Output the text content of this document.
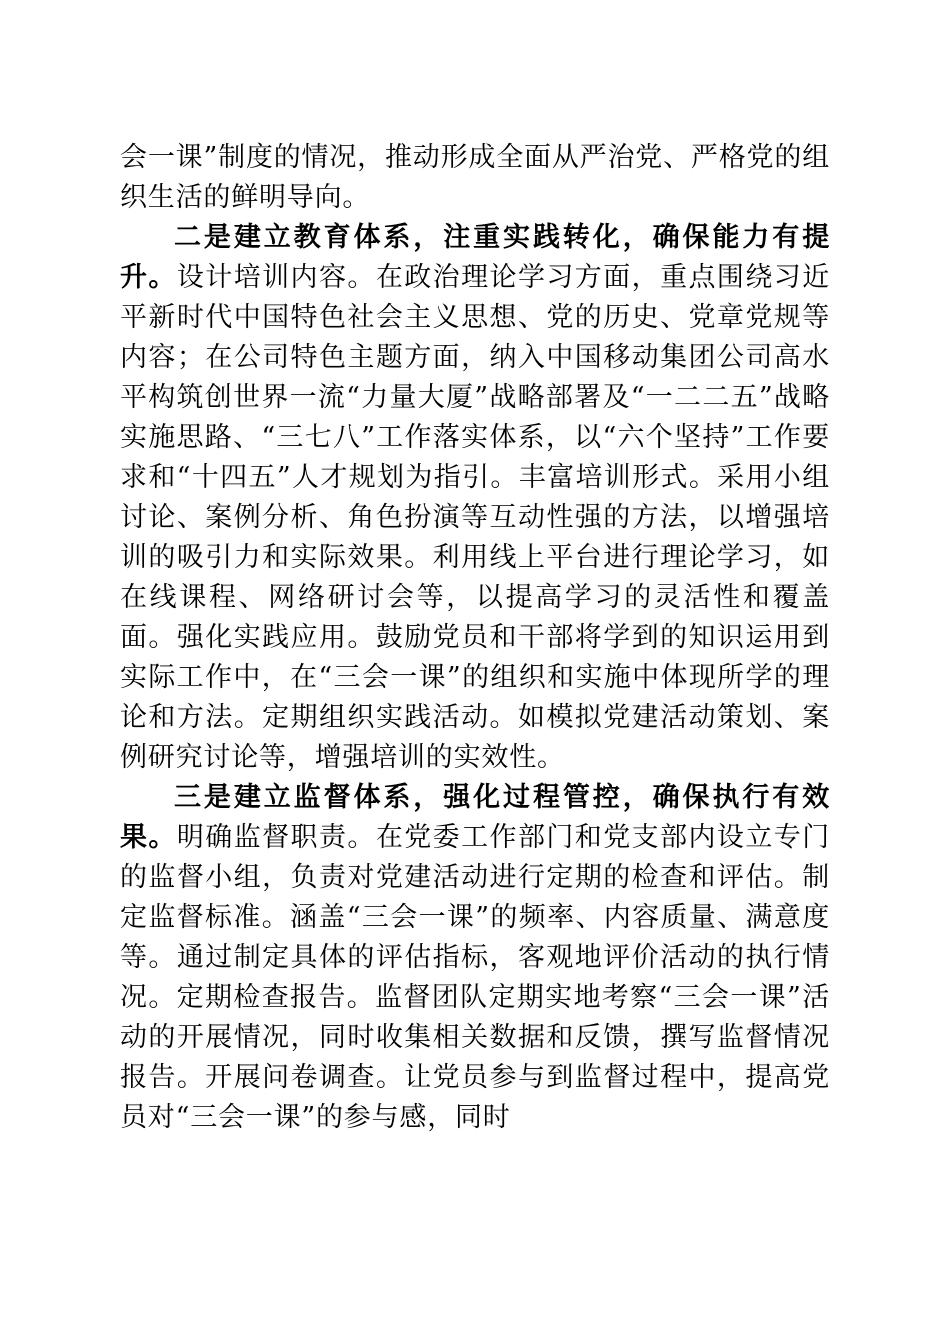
会一课”制度的情况，推动形成全面从严治党、严格党的组织生活的鲜明导向。

二是建立教育体系，注重实践转化，确保能力有提升。设计培训内容。在政治理论学习方面，重点围绕习近平新时代中国特色社会主义思想、党的历史、党章党规等内容；在公司特色主题方面，纳入中国移动集团公司高水平构筑创世界一流“力量大厦”战略部署及“一二二五”战略实施思路、“三七八”工作落实体系，以“六个坚持”工作要求和“十四五”人才规划为指引。丰富培训形式。采用小组讨论、案例分析、角色扮演等互动性强的方法，以增强培训的吸引力和实际效果。利用线上平台进行理论学习，如在线课程、网络研讨会等，以提高学习的灵活性和覆盖面。强化实践应用。鼓励党员和干部将学到的知识运用到实际工作中，在“三会一课”的组织和实施中体现所学的理论和方法。定期组织实践活动。如模拟党建活动策划、案例研究讨论等，增强培训的实效性。

三是建立监督体系，强化过程管控，确保执行有效果。明确监督职责。在党委工作部门和党支部内设立专门的监督小组，负责对党建活动进行定期的检查和评估。制定监督标准。涵盖“三会一课”的频率、内容质量、满意度等。通过制定具体的评估指标，客观地评价活动的执行情况。定期检查报告。监督团队定期实地考察“三会一课”活动的开展情况，同时收集相关数据和反馈，撰写监督情况报告。开展问卷调查。让党员参与到监督过程中，提高党员对“三会一课”的参与感，同时
